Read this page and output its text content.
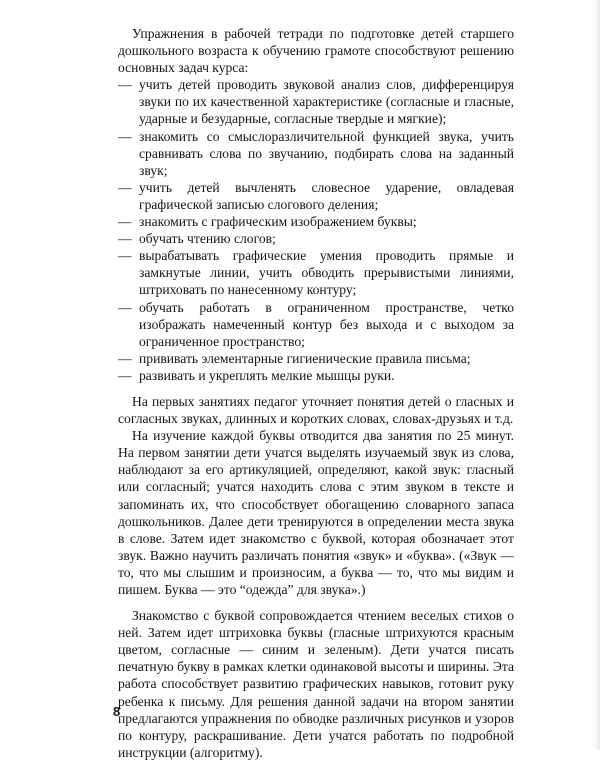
Упражнения в рабочей тетради по подготовке детей старшего дошкольного возраста к обучению грамоте способствуют решению основных задач курса:

— учить детей проводить звуковой анализ слов, дифференцируя звуки по их качественной характеристике (согласные и гласные, ударные и безударные, согласные твердые и мягкие);
— знакомить со смыслоразличительной функцией звука, учить сравнивать слова по звучанию, подбирать слова на заданный звук;
— учить детей вычленять словесное ударение, овладевая графической записью слогового деления;
— знакомить с графическим изображением буквы;
— обучать чтению слогов;
— вырабатывать графические умения проводить прямые и замкнутые линии, учить обводить прерывистыми линиями, штриховать по нанесенному контуру;
— обучать работать в ограниченном пространстве, четко изображать намеченный контур без выхода и с выходом за ограниченное пространство;
— прививать элементарные гигиенические правила письма;
— развивать и укреплять мелкие мышцы руки.

На первых занятиях педагог уточняет понятия детей о гласных и согласных звуках, длинных и коротких словах, словах-друзьях и т.д.

На изучение каждой буквы отводится два занятия по 25 минут. На первом занятии дети учатся выделять изучаемый звук из слова, наблюдают за его артикуляцией, определяют, какой звук: гласный или согласный; учатся находить слова с этим звуком в тексте и запоминать их, что способствует обогащению словарного запаса дошкольников. Далее дети тренируются в определении места звука в слове. Затем идет знакомство с буквой, которая обозначает этот звук. Важно научить различать понятия «звук» и «буква». («Звук — то, что мы слышим и произносим, а буква — то, что мы видим и пишем. Буква — это “одежда” для звука».)

Знакомство с буквой сопровождается чтением веселых стихов о ней. Затем идет штриховка буквы (гласные штрихуются красным цветом, согласные — синим и зеленым). Дети учатся писать печатную букву в рамках клетки одинаковой высоты и ширины. Эта работа способствует развитию графических навыков, готовит руку ребенка к письму. Для решения данной задачи на втором занятии предлагаются упражнения по обводке различных рисунков и узоров по контуру, раскрашивание. Дети учатся работать по подробной инструкции (алгоритму).

8
